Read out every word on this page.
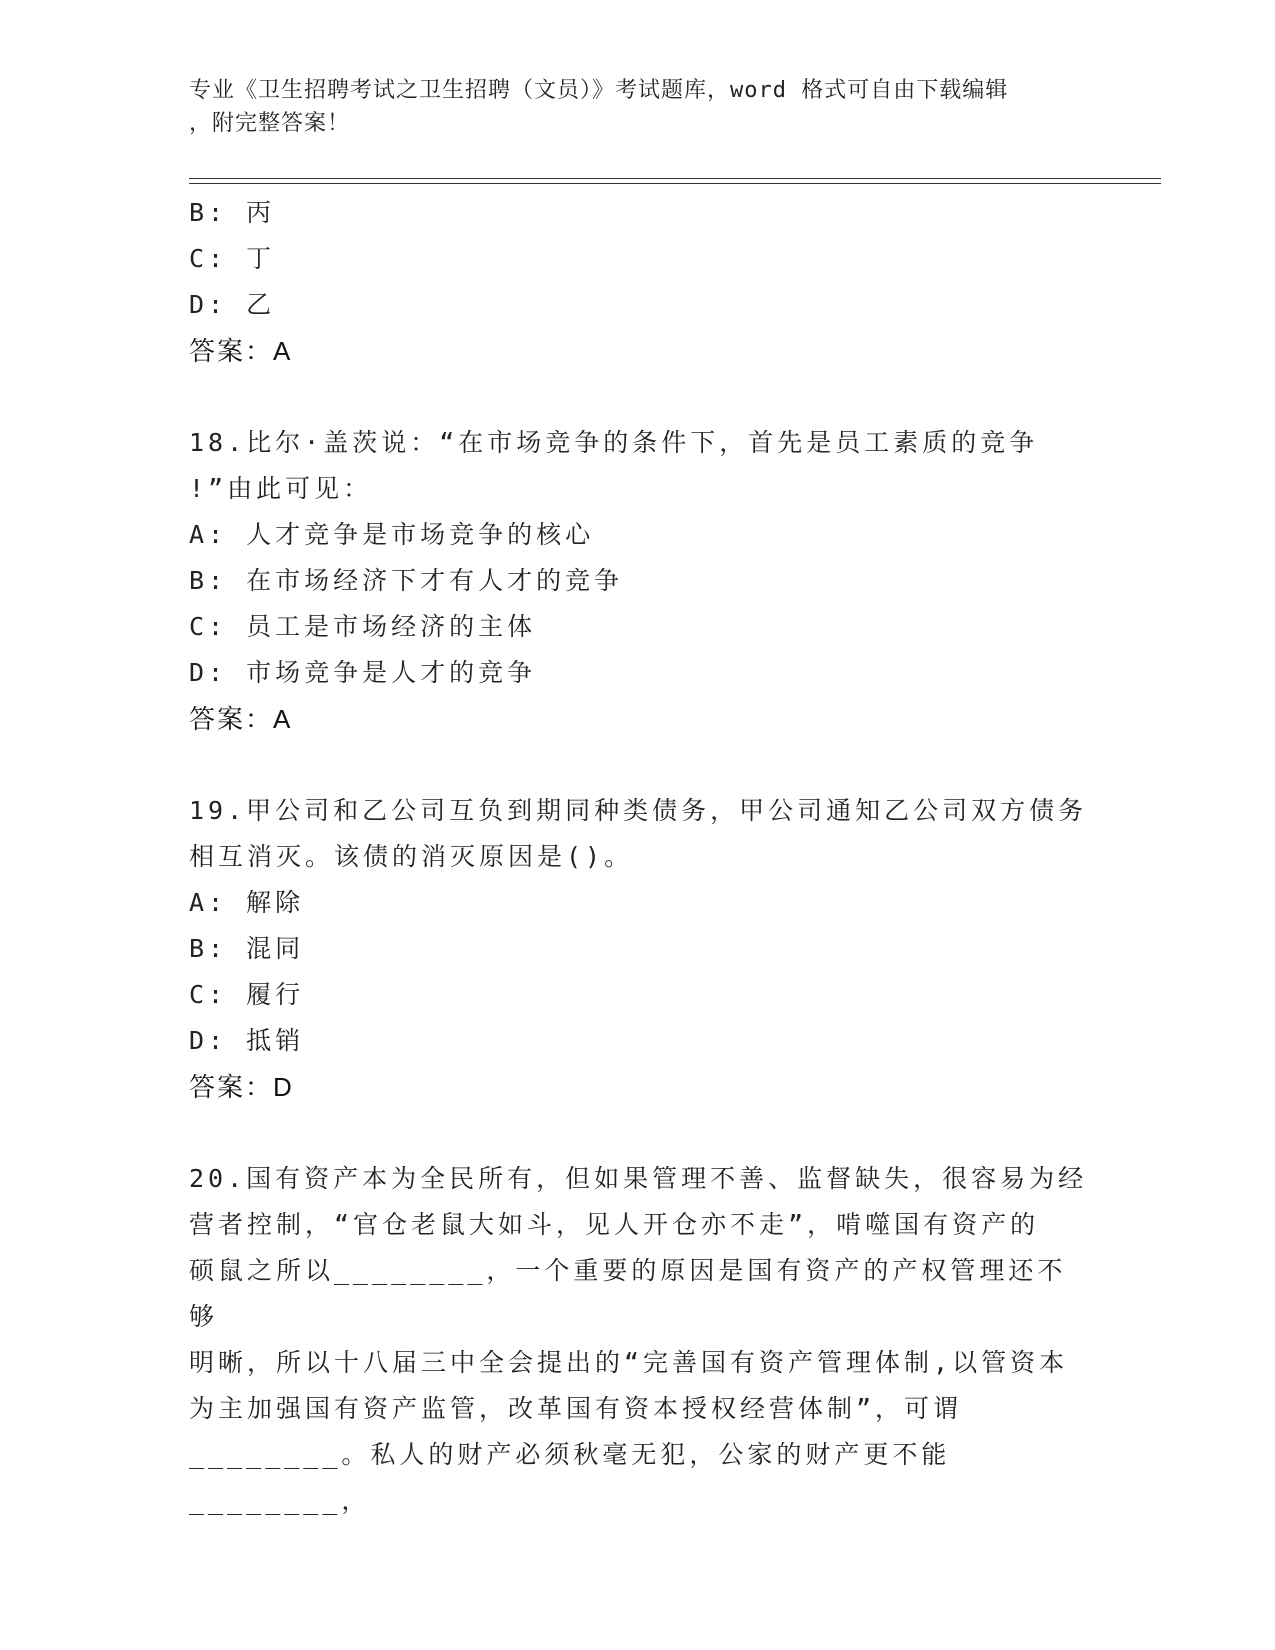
专业《卫生招聘考试之卫生招聘（文员）》考试题库，word 格式可自由下载编辑
，附完整答案！
B: 丙
C: 丁
D: 乙
答案：A
18.比尔·盖茨说：“在市场竞争的条件下，首先是员工素质的竞争
!”由此可见：
A: 人才竞争是市场竞争的核心
B: 在市场经济下才有人才的竞争
C: 员工是市场经济的主体
D: 市场竞争是人才的竞争
答案：A
19.甲公司和乙公司互负到期同种类债务，甲公司通知乙公司双方债务
相互消灭。该债的消灭原因是()。
A: 解除
B: 混同
C: 履行
D: 抵销
答案：D
20.国有资产本为全民所有，但如果管理不善、监督缺失，很容易为经
营者控制，“官仓老鼠大如斗，见人开仓亦不走”，啃噬国有资产的
硕鼠之所以________，一个重要的原因是国有资产的产权管理还不够
明晰，所以十八届三中全会提出的“完善国有资产管理体制,以管资本
为主加强国有资产监管，改革国有资本授权经营体制”，可谓
________。私人的财产必须秋毫无犯，公家的财产更不能________，
